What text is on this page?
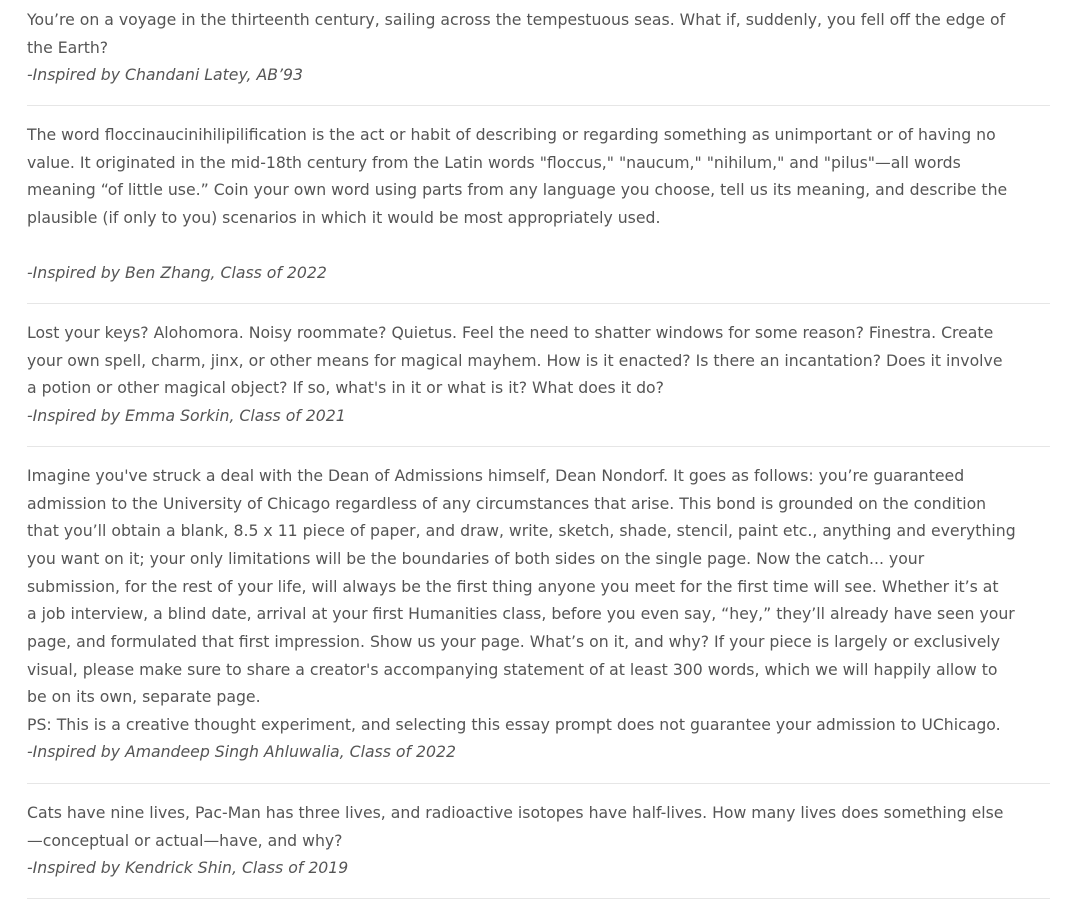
You’re on a voyage in the thirteenth century, sailing across the tempestuous seas. What if, suddenly, you fell off the edge of
the Earth?
-Inspired by Chandani Latey, AB’93
The word floccinaucinihilipilification is the act or habit of describing or regarding something as unimportant or of having no
value. It originated in the mid-18th century from the Latin words "floccus," "naucum," "nihilum," and "pilus"—all words
meaning “of little use.” Coin your own word using parts from any language you choose, tell us its meaning, and describe the
plausible (if only to you) scenarios in which it would be most appropriately used.
-Inspired by Ben Zhang, Class of 2022
Lost your keys? Alohomora. Noisy roommate? Quietus. Feel the need to shatter windows for some reason? Finestra. Create
your own spell, charm, jinx, or other means for magical mayhem. How is it enacted? Is there an incantation? Does it involve
a potion or other magical object? If so, what's in it or what is it? What does it do?
-Inspired by Emma Sorkin, Class of 2021
Imagine you've struck a deal with the Dean of Admissions himself, Dean Nondorf. It goes as follows: you’re guaranteed
admission to the University of Chicago regardless of any circumstances that arise. This bond is grounded on the condition
that you’ll obtain a blank, 8.5 x 11 piece of paper, and draw, write, sketch, shade, stencil, paint etc., anything and everything
you want on it; your only limitations will be the boundaries of both sides on the single page. Now the catch... your
submission, for the rest of your life, will always be the first thing anyone you meet for the first time will see. Whether it’s at
a job interview, a blind date, arrival at your first Humanities class, before you even say, “hey,” they’ll already have seen your
page, and formulated that first impression. Show us your page. What’s on it, and why? If your piece is largely or exclusively
visual, please make sure to share a creator's accompanying statement of at least 300 words, which we will happily allow to
be on its own, separate page.
PS: This is a creative thought experiment, and selecting this essay prompt does not guarantee your admission to UChicago.
-Inspired by Amandeep Singh Ahluwalia, Class of 2022
Cats have nine lives, Pac-Man has three lives, and radioactive isotopes have half-lives. How many lives does something else
—conceptual or actual—have, and why?
-Inspired by Kendrick Shin, Class of 2019
